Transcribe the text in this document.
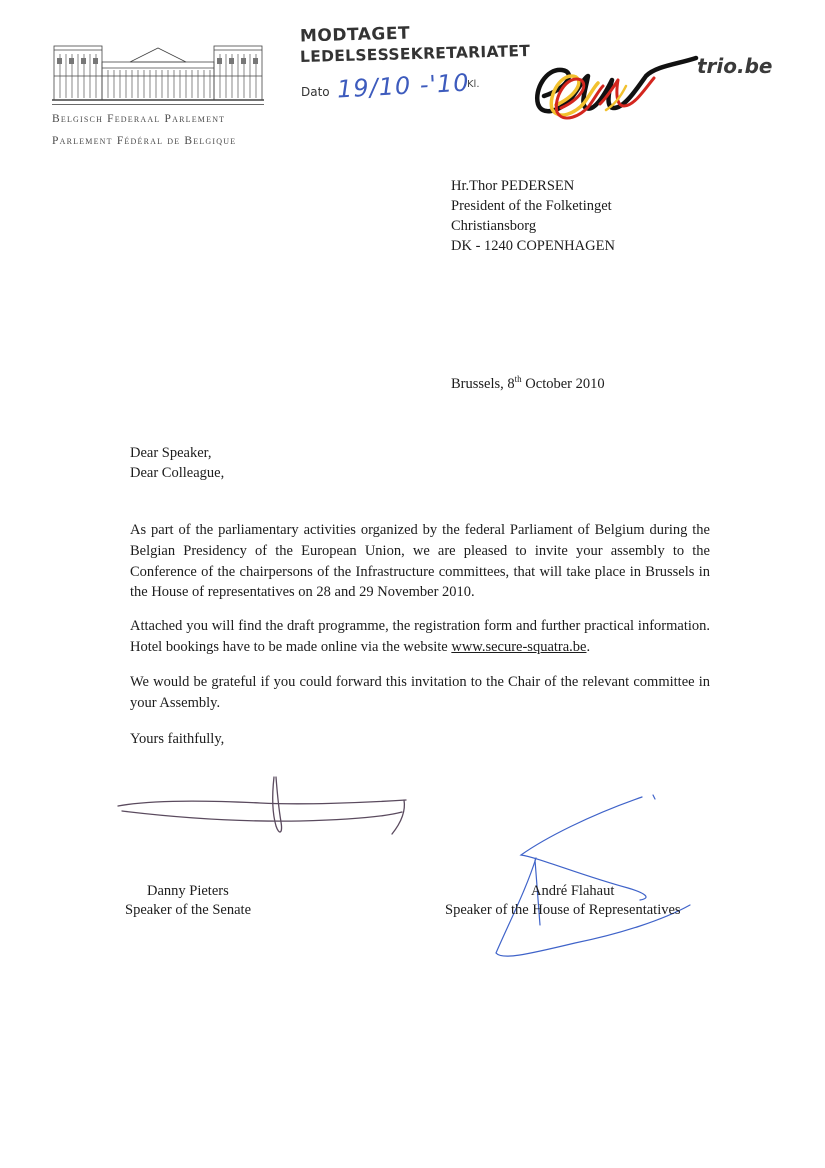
Belgisch Federaal Parlement
Parlement Fédéral de Belgique
MODTAGET
LEDELSESSEKRETARIATET
Dato 19/10 -'10
Kl.
trio.be
Hr.Thor PEDERSEN
President of the Folketinget
Christiansborg
DK - 1240 COPENHAGEN
Brussels, 8th October 2010
Dear Speaker,
Dear Colleague,
As part of the parliamentary activities organized by the federal Parliament of Belgium during the Belgian Presidency of the European Union, we are pleased to invite your assembly to the Conference of the chairpersons of the Infrastructure committees, that will take place in Brussels in the House of representatives on 28 and 29 November 2010.
Attached you will find the draft programme, the registration form and further practical information. Hotel bookings have to be made online via the website www.secure-squatra.be.
We would be grateful if you could forward this invitation to the Chair of the relevant committee in your Assembly.
Yours faithfully,
Danny Pieters
Speaker of the Senate
André Flahaut
Speaker of the House of Representatives
